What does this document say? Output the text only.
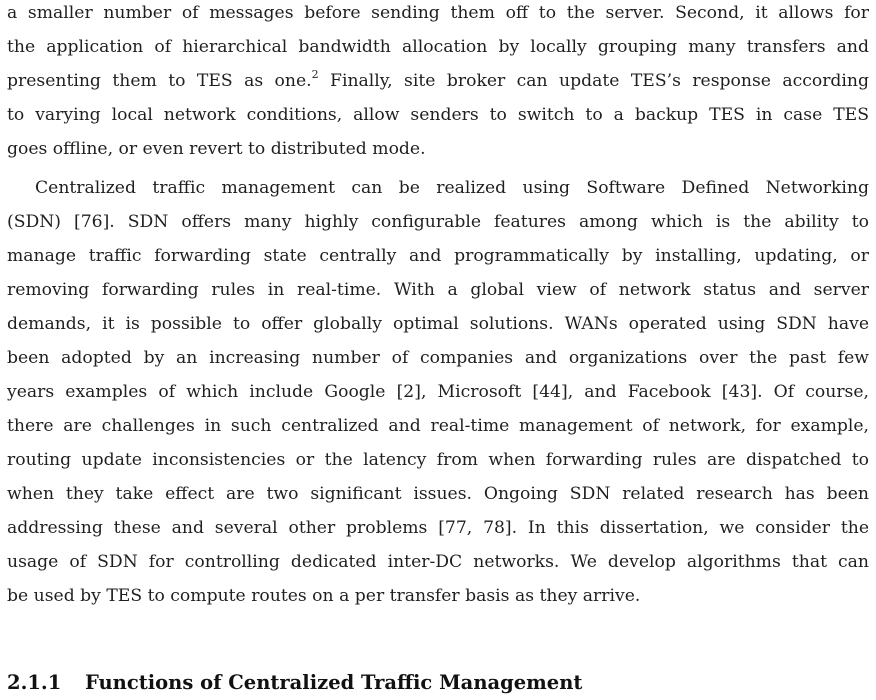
a smaller number of messages before sending them off to the server. Second, it allows for
the application of hierarchical bandwidth allocation by locally grouping many transfers and
presenting them to TES as one.$^2$ Finally, site broker can update TES’s response according
to varying local network conditions, allow senders to switch to a backup TES in case TES
goes offline, or even revert to distributed mode.
Centralized traffic management can be realized using Software Defined Networking
(SDN) [76]. SDN offers many highly configurable features among which is the ability to
manage traffic forwarding state centrally and programmatically by installing, updating, or
removing forwarding rules in real-time. With a global view of network status and server
demands, it is possible to offer globally optimal solutions. WANs operated using SDN have
been adopted by an increasing number of companies and organizations over the past few
years examples of which include Google [2], Microsoft [44], and Facebook [43]. Of course,
there are challenges in such centralized and real-time management of network, for example,
routing update inconsistencies or the latency from when forwarding rules are dispatched to
when they take effect are two significant issues. Ongoing SDN related research has been
addressing these and several other problems [77, 78]. In this dissertation, we consider the
usage of SDN for controlling dedicated inter-DC networks. We develop algorithms that can
be used by TES to compute routes on a per transfer basis as they arrive.
2.1.1 Functions of Centralized Traffic Management
